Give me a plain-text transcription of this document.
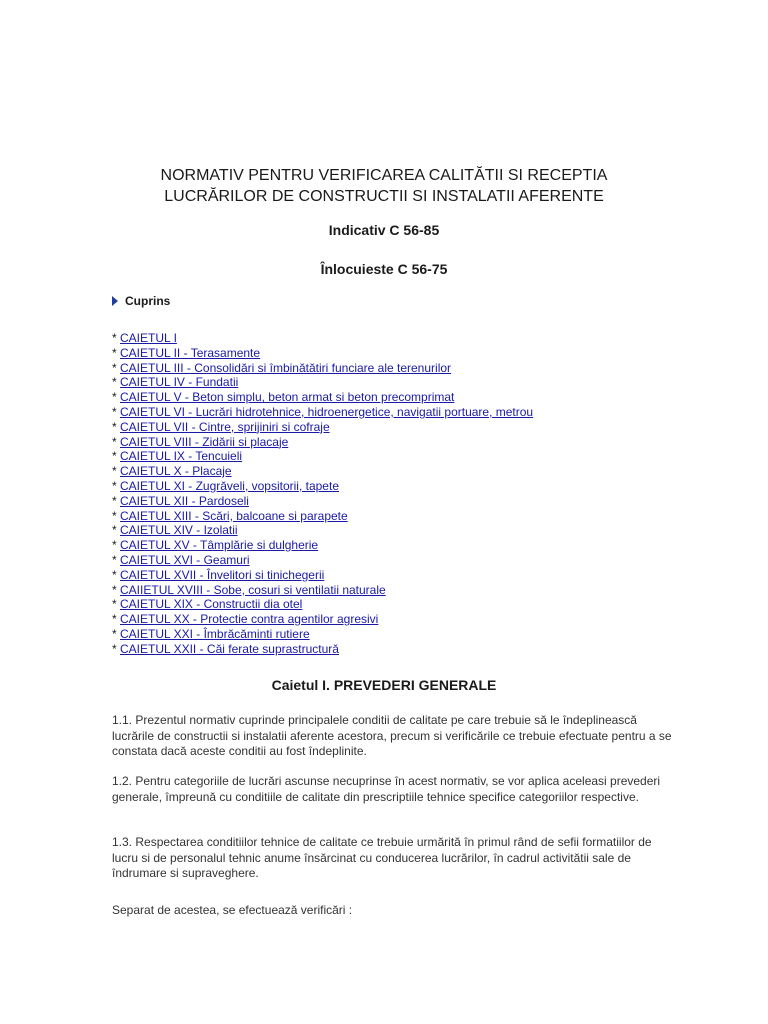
NORMATIV PENTRU VERIFICAREA CALITĂTII SI RECEPTIA
LUCRĂRILOR DE CONSTRUCTII SI INSTALATII AFERENTE

Indicativ C 56-85

Înlocuieste C 56-75

Cuprins
* CAIETUL I
* CAIETUL II - Terasamente
* CAIETUL III - Consolidări si îmbinătătiri funciare ale terenurilor
* CAIETUL IV - Fundatii
* CAIETUL V - Beton simplu, beton armat si beton precomprimat
* CAIETUL VI - Lucrări hidrotehnice, hidroenergetice, navigatii portuare, metrou
* CAIETUL VII - Cintre, sprijiniri si cofraje
* CAIETUL VIII - Zidării si placaje
* CAIETUL IX - Tencuieli
* CAIETUL X - Placaje
* CAIETUL XI - Zugrăveli, vopsitorii, tapete
* CAIETUL XII - Pardoseli
* CAIETUL XIII - Scări, balcoane si parapete
* CAIETUL XIV - Izolatii
* CAIETUL XV - Tâmplărie si dulgherie
* CAIETUL XVI - Geamuri
* CAIETUL XVII - Învelitori si tinichegerii
* CAIIETUL XVIII - Sobe, cosuri si ventilatii naturale
* CAIETUL XIX - Constructii dia otel
* CAIETUL XX - Protectie contra agentilor agresivi
* CAIETUL XXI - Îmbrăcăminti rutiere
* CAIETUL XXII - Căi ferate suprastructură
Caietul I. PREVEDERI GENERALE

1.1. Prezentul normativ cuprinde principalele conditii de calitate pe care trebuie să le îndeplinească lucrările de constructii si instalatii aferente acestora, precum si verificările ce trebuie efectuate pentru a se constata dacă aceste conditii au fost îndeplinite.

1.2. Pentru categoriile de lucrări ascunse necuprinse în acest normativ, se vor aplica aceleasi prevederi generale, împreună cu conditiile de calitate din prescriptiile tehnice specifice categoriilor respective.

1.3. Respectarea conditiilor tehnice de calitate ce trebuie urmărită în primul rând de sefii formatiilor de lucru si de personalul tehnic anume însărcinat cu conducerea lucrărilor, în cadrul activitătii sale de îndrumare si supraveghere.

Separat de acestea, se efectuează verificări :
